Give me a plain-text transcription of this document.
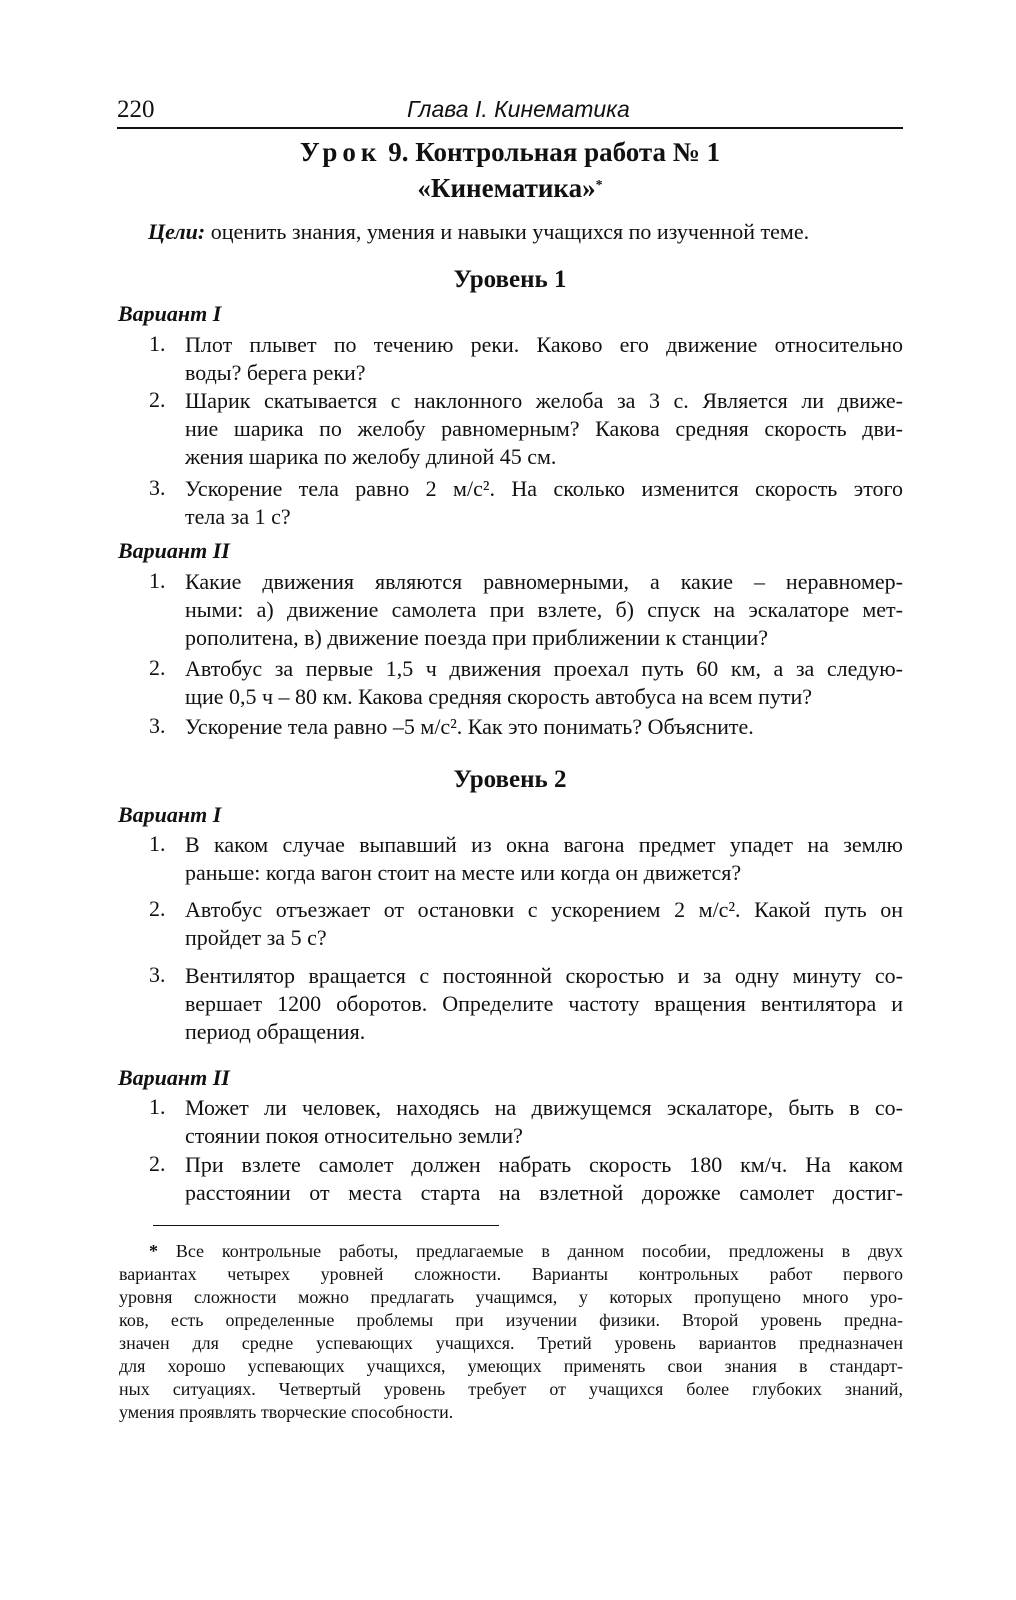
220	Глава I. Кинематика
Урок 9. Контрольная работа № 1
«Кинематика»*
Цели: оценить знания, умения и навыки учащихся по изученной теме.
Уровень 1
Вариант I
1. Плот плывет по течению реки. Каково его движение относительно
воды? берега реки?
2. Шарик скатывается с наклонного желоба за 3 с. Является ли движе-
ние шарика по желобу равномерным? Какова средняя скорость дви-
жения шарика по желобу длиной 45 см.
3. Ускорение тела равно 2 м/с². На сколько изменится скорость этого
тела за 1 с?
Вариант II
1. Какие движения являются равномерными, а какие – неравномер-
ными: а) движение самолета при взлете, б) спуск на эскалаторе мет-
рополитена, в) движение поезда при приближении к станции?
2. Автобус за первые 1,5 ч движения проехал путь 60 км, а за следую-
щие 0,5 ч – 80 км. Какова средняя скорость автобуса на всем пути?
3. Ускорение тела равно –5 м/с². Как это понимать? Объясните.
Уровень 2
Вариант I
1. В каком случае выпавший из окна вагона предмет упадет на землю
раньше: когда вагон стоит на месте или когда он движется?
2. Автобус отъезжает от остановки с ускорением 2 м/с². Какой путь он
пройдет за 5 с?
3. Вентилятор вращается с постоянной скоростью и за одну минуту со-
вершает 1200 оборотов. Определите частоту вращения вентилятора и
период обращения.
Вариант II
1. Может ли человек, находясь на движущемся эскалаторе, быть в со-
стоянии покоя относительно земли?
2. При взлете самолет должен набрать скорость 180 км/ч. На каком
расстоянии от места старта на взлетной дорожке самолет достиг-
* Все контрольные работы, предлагаемые в данном пособии, предложены в двух
вариантах четырех уровней сложности. Варианты контрольных работ первого
уровня сложности можно предлагать учащимся, у которых пропущено много уро-
ков, есть определенные проблемы при изучении физики. Второй уровень предна-
значен для средне успевающих учащихся. Третий уровень вариантов предназначен
для хорошо успевающих учащихся, умеющих применять свои знания в стандарт-
ных ситуациях. Четвертый уровень требует от учащихся более глубоких знаний,
умения проявлять творческие способности.
